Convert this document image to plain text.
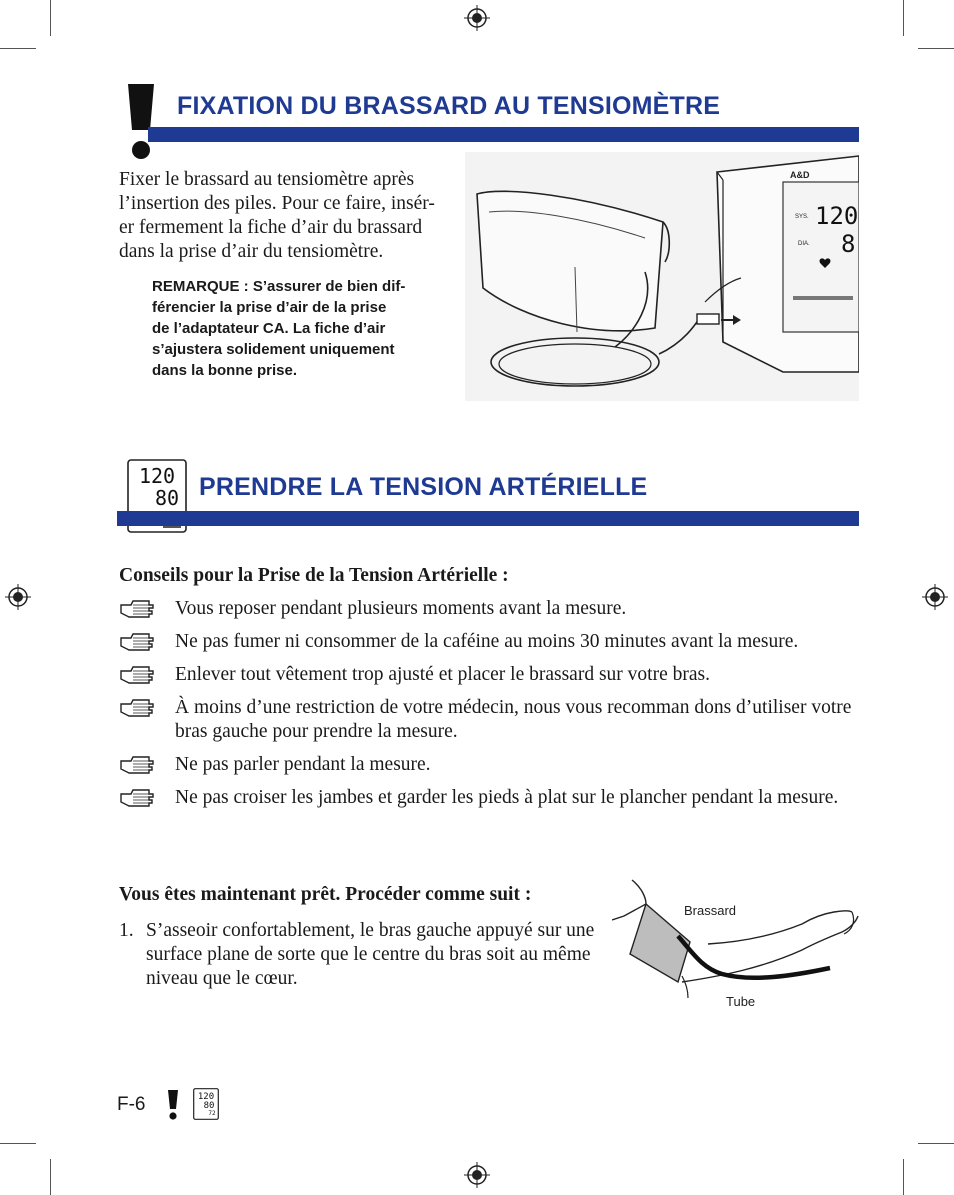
FIXATION DU BRASSARD AU TENSIOMÈTRE
Fixer le brassard au tensiomètre après
l’insertion des piles. Pour ce faire, insér-
er fermement la fiche d’air du brassard
dans la prise d’air du tensiomètre.
REMARQUE : S’assurer de bien dif-
férencier la prise d’air de la prise
de l’adaptateur CA. La fiche d’air
s’ajustera solidement uniquement
dans la bonne prise.
A&D
SYS. 120
DIA. 8
120
80 PRENDRE LA TENSION ARTÉRIELLE
Conseils pour la Prise de la Tension Artérielle :
Vous reposer pendant plusieurs moments avant la mesure.
Ne pas fumer ni consommer de la caféine au moins 30 minutes avant la mesure.
Enlever tout vêtement trop ajusté et placer le brassard sur votre bras.
À moins d’une restriction de votre médecin, nous vous recomman dons d’utiliser votre bras gauche pour prendre la mesure.
Ne pas parler pendant la mesure.
Ne pas croiser les jambes et garder les pieds à plat sur le plancher pendant la mesure.
Vous êtes maintenant prêt. Procéder comme suit :
1. S’asseoir confortablement, le bras gauche appuyé sur une surface plane de sorte que le centre du bras soit au même niveau que le cœur.
Brassard
Tube
F-6	120
80
72
